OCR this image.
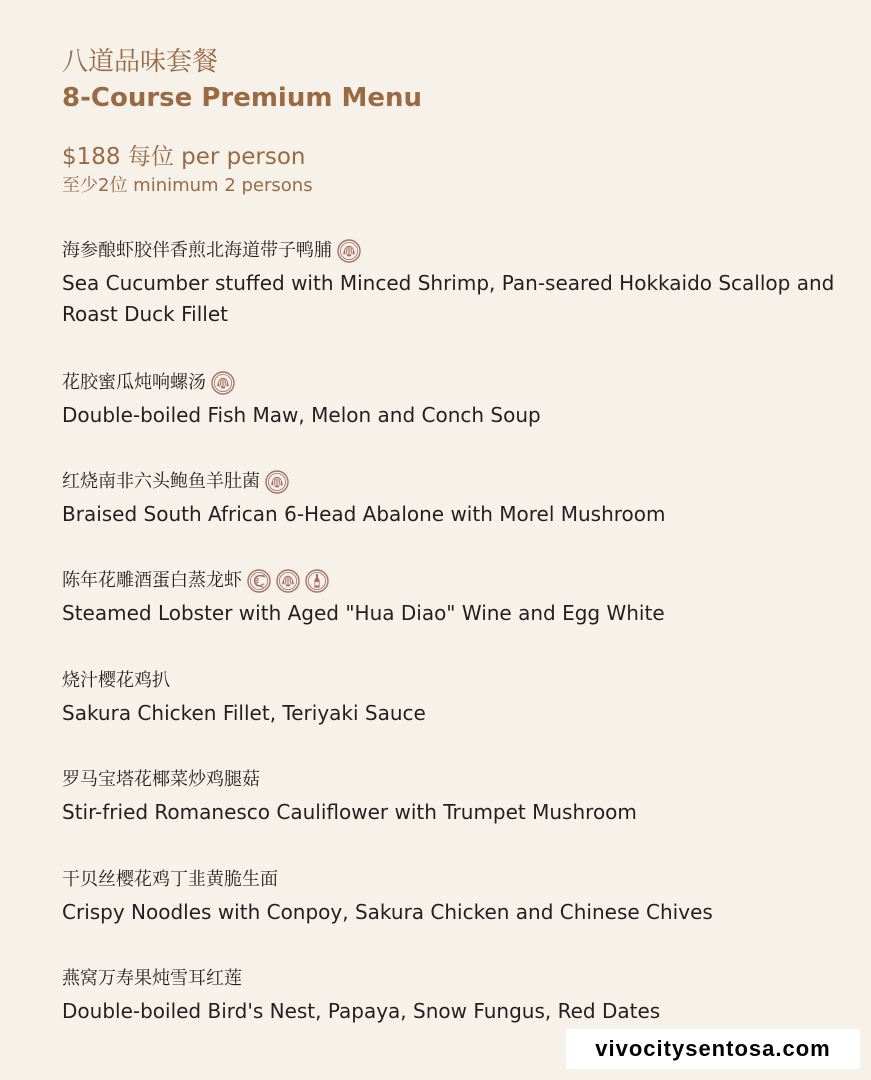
八道品味套餐
8-Course Premium Menu
$188 每位 per person
至少2位 minimum 2 persons
海参酿虾胶伴香煎北海道带子鸭脯
Sea Cucumber stuffed with Minced Shrimp, Pan-seared Hokkaido Scallop and Roast Duck Fillet
花胶蜜瓜炖响螺汤
Double-boiled Fish Maw, Melon and Conch Soup
红烧南非六头鲍鱼羊肚菌
Braised South African 6-Head Abalone with Morel Mushroom
陈年花雕酒蛋白蒸龙虾
Steamed Lobster with Aged "Hua Diao" Wine and Egg White
烧汁樱花鸡扒
Sakura Chicken Fillet, Teriyaki Sauce
罗马宝塔花椰菜炒鸡腿菇
Stir-fried Romanesco Cauliflower with Trumpet Mushroom
干贝丝樱花鸡丁韭黄脆生面
Crispy Noodles with Conpoy, Sakura Chicken and Chinese Chives
燕窝万寿果炖雪耳红莲
Double-boiled Bird's Nest, Papaya, Snow Fungus, Red Dates
vivocitysentosa.com
